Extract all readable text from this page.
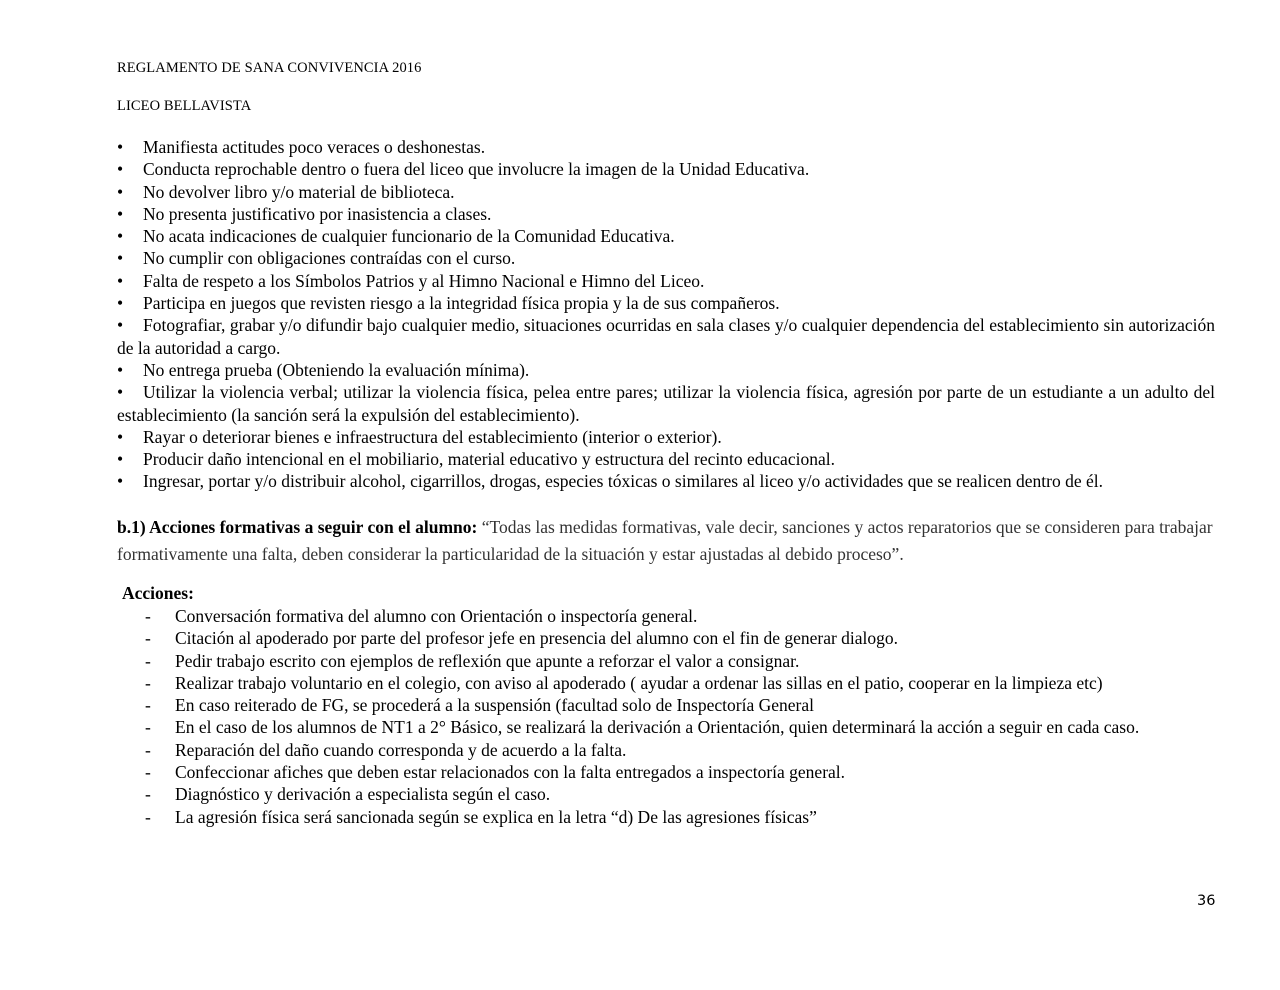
REGLAMENTO DE SANA CONVIVENCIA 2016
LICEO BELLAVISTA
• Manifiesta actitudes poco veraces o deshonestas.
• Conducta reprochable dentro o fuera del liceo que involucre la imagen de la Unidad Educativa.
• No devolver libro y/o material de biblioteca.
• No presenta justificativo por inasistencia a clases.
• No acata indicaciones de cualquier funcionario de la Comunidad Educativa.
• No cumplir con obligaciones contraídas con el curso.
• Falta de respeto a los Símbolos Patrios y al Himno Nacional e Himno del Liceo.
• Participa en juegos que revisten riesgo a la integridad física propia y la de sus compañeros.
• Fotografiar, grabar y/o difundir bajo cualquier medio, situaciones ocurridas en sala clases y/o cualquier dependencia del establecimiento sin autorización de la autoridad a cargo.
• No entrega prueba (Obteniendo la evaluación mínima).
• Utilizar la violencia verbal; utilizar la violencia física, pelea entre pares; utilizar la violencia física, agresión por parte de un estudiante a un adulto del establecimiento (la sanción será la expulsión del establecimiento).
• Rayar o deteriorar bienes e infraestructura del establecimiento (interior o exterior).
• Producir daño intencional en el mobiliario, material educativo y estructura del recinto educacional.
• Ingresar, portar y/o distribuir alcohol, cigarrillos, drogas, especies tóxicas o similares al liceo y/o actividades que se realicen dentro de él.
b.1) Acciones formativas a seguir con el alumno: “Todas las medidas formativas, vale decir, sanciones y actos reparatorios que se consideren para trabajar formativamente una falta, deben considerar la particularidad de la situación y estar ajustadas al debido proceso”.
Acciones:
- Conversación formativa del alumno con Orientación o inspectoría general.
- Citación al apoderado por parte del profesor jefe en presencia del alumno con el fin de generar dialogo.
- Pedir trabajo escrito con ejemplos de reflexión que apunte a reforzar el valor a consignar.
- Realizar trabajo voluntario en el colegio, con aviso al apoderado ( ayudar a ordenar las sillas en el patio, cooperar en la limpieza etc)
- En caso reiterado de FG, se procederá a la suspensión (facultad solo de Inspectoría General
- En el caso de los alumnos de NT1 a 2° Básico, se realizará la derivación a Orientación, quien determinará la acción a seguir en cada caso.
- Reparación del daño cuando corresponda y de acuerdo a la falta.
- Confeccionar afiches que deben estar relacionados con la falta entregados a inspectoría general.
- Diagnóstico y derivación a especialista según el caso.
- La agresión física será sancionada según se explica en la letra “d) De las agresiones físicas”
36
